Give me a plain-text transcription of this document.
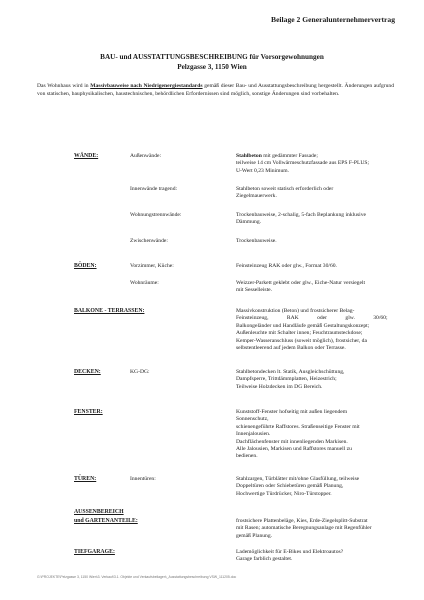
Beilage 2 Generalunternehmervertrag
BAU- und AUSSTATTUNGSBESCHREIBUNG für Vorsorgewohnungen
Pelzgasse 3, 1150 Wien
Das Wohnhaus wird in Massivbauweise nach Niedrigenergiestandards gemäß dieser Bau- und Ausstattungsbeschreibung hergestellt. Änderungen aufgrund von statischen, bauphysikalischen, haustechnischen, behördlichen Erfordernissen sind möglich, sonstige Änderungen sind vorbehalten.
WÄNDE:	Außenwände:	Stahlbeton mit gedämmter Fassade;
teilweise 14 cm Vollwärmeschutzfassade aus EPS F-PLUS;
U-Wert 0,23 Minimum.
Innenwände tragend:	Stahlbeton soweit statisch erforderlich oder
Ziegelmauerwerk.
Wohnungstrennwände:	Trockenbauweise, 2-schalig, 5-fach Beplankung inklusive
Dämmung.
Zwischenwände:	Trockenbauweise.
BÖDEN:	Vorzimmer, Küche:	Feinsteinzeug RAK oder glw., Format 30/60.
Wohnräume:	Weizzer-Parkett geklebt oder glw., Eiche-Natur versiegelt
mit Sesselleiste.
BALKONE - TERRASSEN:	Massivkonstruktion (Beton) und frostsicherer Belag-
Feinsteinzeug, RAK oder glw. 30/60;
Balkongeländer und Handläufe gemäß Gestaltungskonzept;
Außenleuchte mit Schalter innen; Feuchtraumsteckdose;
Kemper-Wasseranschluss (soweit möglich), frostsicher, da
selbstentleerend auf jedem Balkon oder Terrasse.
DECKEN:	KG-DG:	Stahlbetondecken lt. Statik, Ausgleichschüttung,
Dampfsperre, Trittdämmplatten, Heizestrich;
Teilweise Holzdecken im DG Bereich.
FENSTER:	Kunststoff-Fenster hofseitig mit außen liegendem
Sonnenschutz,
schienengeführte Raffstores. Straßenseitige Fenster mit
Innenjalousien.
Dachflächenfenster mit innenliegenden Markisen.
Alle Jalousien, Markisen und Raffstores manuell zu
bedienen.
TÜREN:	Innentüren:	Stahlzargen, Türblätter mit/ohne Glasfüllung, teilweise
Doppeltüren oder Schiebetüren gemäß Planung,
Hochwertige Türdrücker, Niro-Türstopper.
AUSSENBEREICH
und GARTENANTEILE:	frostsichere Plattenbeläge, Kies, Erde-Ziegelsplitt-Substrat
mit Rasen; automatische Beregnungsanlage mit Regenfühler
gemäß Planung.
TIEFGARAGE:	Lademöglichkeit für E-Bikes und Elektroautos?
Garage farblich gestaltet.
G:\PROJEKTE\Pelzgasse 3, 1150 Wien\3. Verkauf\3.1. Objekte und Verkaufsbeilagen\_Ausstattungsbeschreibung VSW_111205.doc
